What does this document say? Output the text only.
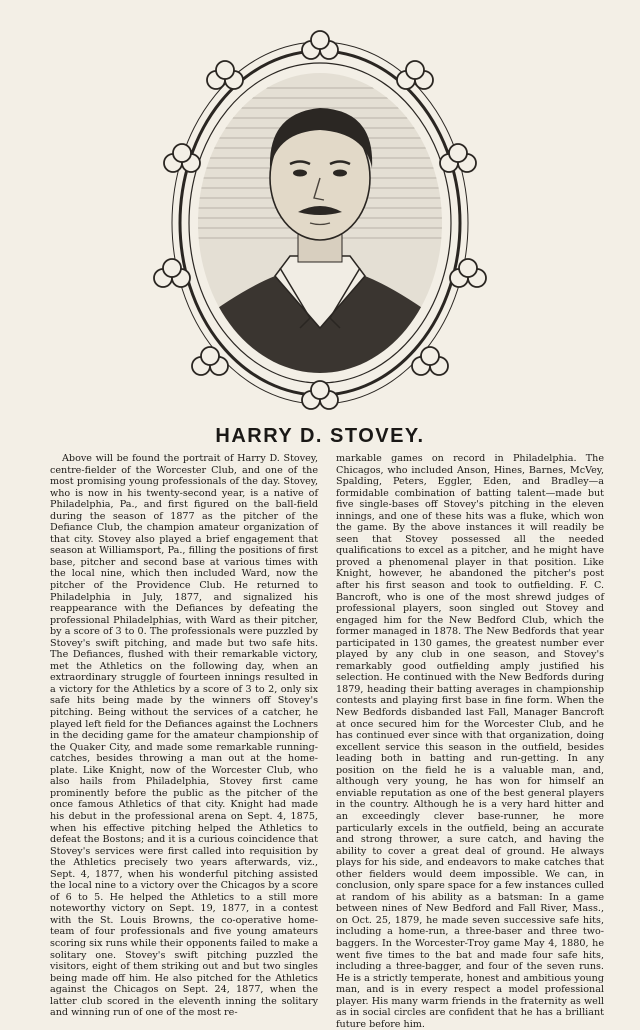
HARRY D. STOVEY.

Above will be found the portrait of Harry D. Stovey, centre-fielder of the Worcester Club, and one of the most promising young professionals of the day. Stovey, who is now in his twenty-second year, is a native of Philadelphia, Pa., and first figured on the ball-field during the season of 1877 as the pitcher of the Defiance Club, the champion amateur organization of that city. Stovey also played a brief engagement that season at Williamsport, Pa., filling the positions of first base, pitcher and second base at various times with the local nine, which then included Ward, now the pitcher of the Providence Club. He returned to Philadelphia in July, 1877, and signalized his reappearance with the Defiances by defeating the professional Philadelphias, with Ward as their pitcher, by a score of 3 to 0. The professionals were puzzled by Stovey's swift pitching, and made but two safe hits. The Defiances, flushed with their remarkable victory, met the Athletics on the following day, when an extraordinary struggle of fourteen innings resulted in a victory for the Athletics by a score of 3 to 2, only six safe hits being made by the winners off Stovey's pitching. Being without the services of a catcher, he played left field for the Defiances against the Lochners in the deciding game for the amateur championship of the Quaker City, and made some remarkable running-catches, besides throwing a man out at the home-plate. Like Knight, now of the Worcester Club, who also hails from Philadelphia, Stovey first came prominently before the public as the pitcher of the once famous Athletics of that city. Knight had made his debut in the professional arena on Sept. 4, 1875, when his effective pitching helped the Athletics to defeat the Bostons; and it is a curious coincidence that Stovey's services were first called into requisition by the Athletics precisely two years afterwards, viz., Sept. 4, 1877, when his wonderful pitching assisted the local nine to a victory over the Chicagos by a score of 6 to 5. He helped the Athletics to a still more noteworthy victory on Sept. 19, 1877, in a contest with the St. Louis Browns, the co-operative home-team of four professionals and five young amateurs scoring six runs while their opponents failed to make a solitary one. Stovey's swift pitching puzzled the visitors, eight of them striking out and but two singles being made off him. He also pitched for the Athletics against the Chicagos on Sept. 24, 1877, when the latter club scored in the eleventh inning the solitary and winning run of one of the most re-

markable games on record in Philadelphia. The Chicagos, who included Anson, Hines, Barnes, McVey, Spalding, Peters, Eggler, Eden, and Bradley—a formidable combination of batting talent—made but five single-bases off Stovey's pitching in the eleven innings, and one of these hits was a fluke, which won the game. By the above instances it will readily be seen that Stovey possessed all the needed qualifications to excel as a pitcher, and he might have proved a phenomenal player in that position. Like Knight, however, he abandoned the pitcher's post after his first season and took to outfielding. F. C. Bancroft, who is one of the most shrewd judges of professional players, soon singled out Stovey and engaged him for the New Bedford Club, which the former managed in 1878. The New Bedfords that year participated in 130 games, the greatest number ever played by any club in one season, and Stovey's remarkably good outfielding amply justified his selection. He continued with the New Bedfords during 1879, heading their batting averages in championship contests and playing first base in fine form. When the New Bedfords disbanded last Fall, Manager Bancroft at once secured him for the Worcester Club, and he has continued ever since with that organization, doing excellent service this season in the outfield, besides leading both in batting and run-getting. In any position on the field he is a valuable man, and, although very young, he has won for himself an enviable reputation as one of the best general players in the country. Although he is a very hard hitter and an exceedingly clever base-runner, he more particularly excels in the outfield, being an accurate and strong thrower, a sure catch, and having the ability to cover a great deal of ground. He always plays for his side, and endeavors to make catches that other fielders would deem impossible. We can, in conclusion, only spare space for a few instances culled at random of his ability as a batsman: In a game between nines of New Bedford and Fall River, Mass., on Oct. 25, 1879, he made seven successive safe hits, including a home-run, a three-baser and three two-baggers. In the Worcester-Troy game May 4, 1880, he went five times to the bat and made four safe hits, including a three-bagger, and four of the seven runs. He is a strictly temperate, honest and ambitious young man, and is in every respect a model professional player. His many warm friends in the fraternity as well as in social circles are confident that he has a brilliant future before him.
